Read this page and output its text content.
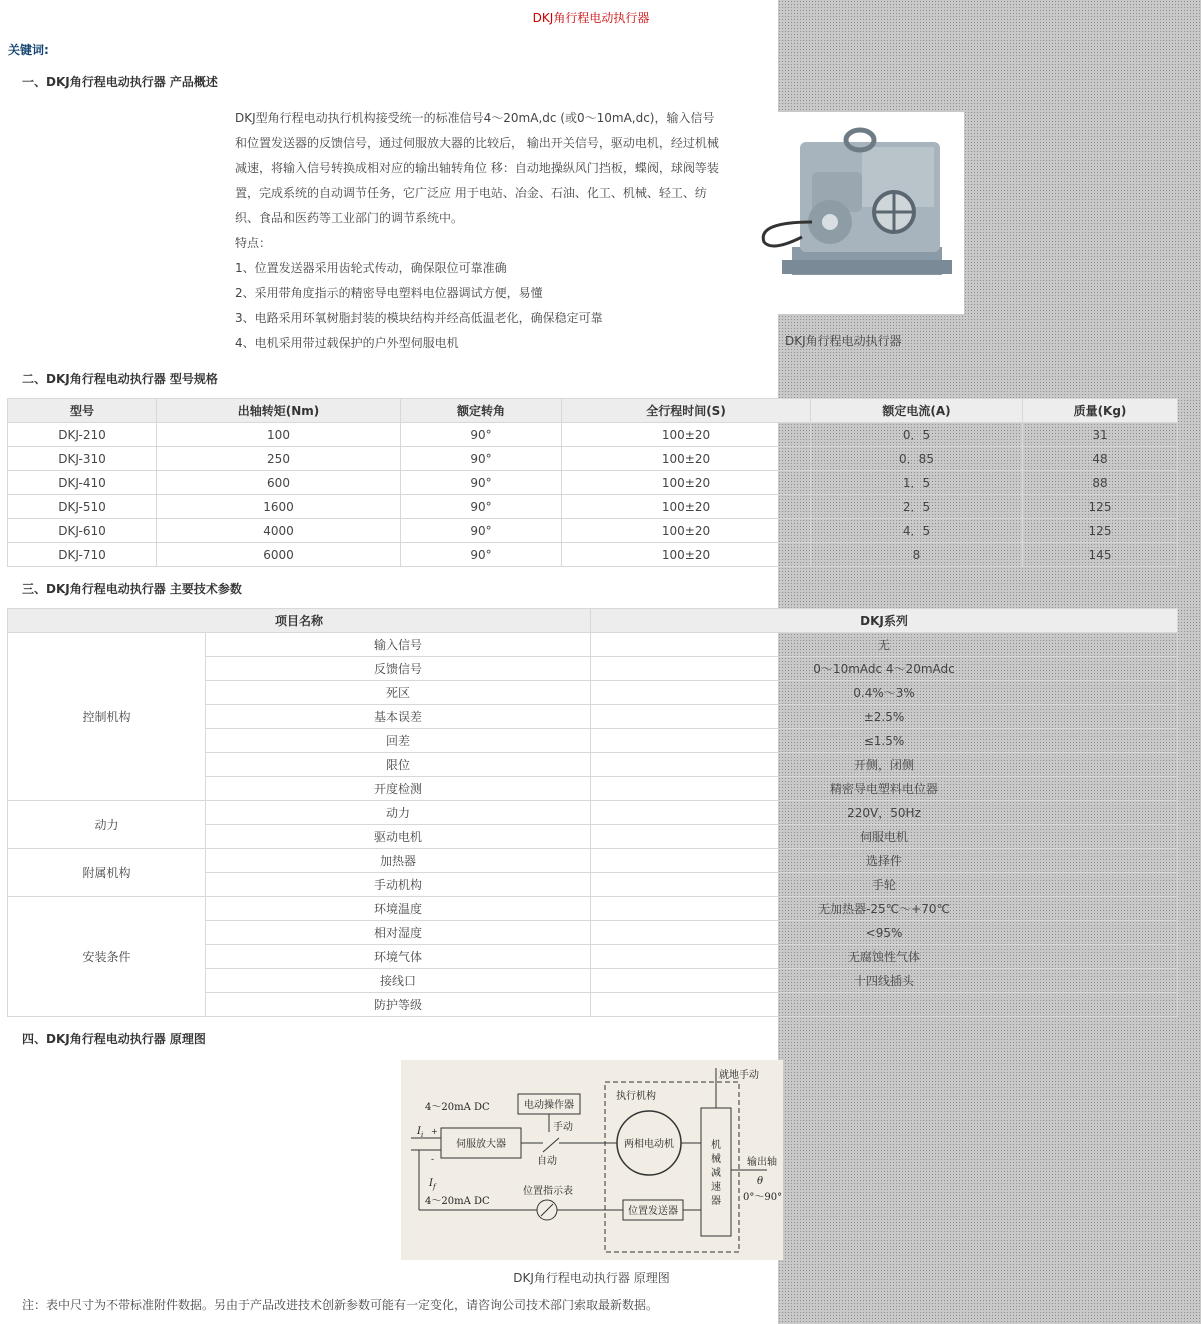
DKJ角行程电动执行器
关键词:
一、DKJ角行程电动执行器 产品概述

DKJ型角行程电动执行机构接受统一的标准信号4～20mA,dc (或0～10mA,dc)，输入信号和位置发送器的反馈信号，通过伺服放大器的比较后， 输出开关信号，驱动电机，经过机械减速，将输入信号转换成相对应的输出轴转角位 移：自动地操纵风门挡板，蝶阀，球阀等装置，完成系统的自动调节任务，它广泛应 用于电站、冶金、石油、化工、机械、轻工、纺织、食品和医药等工业部门的调节系统中。

特点：

1、位置发送器采用齿轮式传动，确保限位可靠准确

2、采用带角度指示的精密导电塑料电位器调试方便，易懂

3、电路采用环氧树脂封装的模块结构并经高低温老化，确保稳定可靠

4、电机采用带过载保护的户外型伺服电机	DKJ角行程电动执行器
二、DKJ角行程电动执行器 型号规格
型号	出轴转矩(Nm)	额定转角	全行程时间(S)	额定电流(A)	质量(Kg)
DKJ-210	100	90°	100±20	0．5	31
DKJ-310	250	90°	100±20	0．85	48
DKJ-410	600	90°	100±20	1．5	88
DKJ-510	1600	90°	100±20	2．5	125
DKJ-610	4000	90°	100±20	4．5	125
DKJ-710	6000	90°	100±20	8	145
三、DKJ角行程电动执行器 主要技术参数
项目名称		DKJ系列
控制机构	输入信号	无
	反馈信号	0～10mAdc 4～20mAdc
	死区	0.4%～3%
	基本误差	±2.5%
	回差	≤1.5%
	限位	开侧，闭侧
	开度检测	精密导电塑料电位器
动力	动力	220V，50Hz
	驱动电机	伺服电机
附属机构	加热器	选择件
	手动机构	手轮
安装条件	环境温度	无加热器-25℃～+70℃
	相对湿度	<95%
	环境气体	无腐蚀性气体
	接线口	十四线插头
	防护等级	
四、DKJ角行程电动执行器 原理图
执行机构
伺服放大器
电动操作器
4～20mA DC
$I_i$ +
-
手动
自动
两相电动机	机
械
减
速
器
就地手动
输出轴
θ
0°～90°
位置发送器
位置指示表
$I_f$
4～20mA DC
DKJ角行程电动执行器 原理图
注：表中尺寸为不带标准附件数据。另由于产品改进技术创新参数可能有一定变化，请咨询公司技术部门索取最新数据。
